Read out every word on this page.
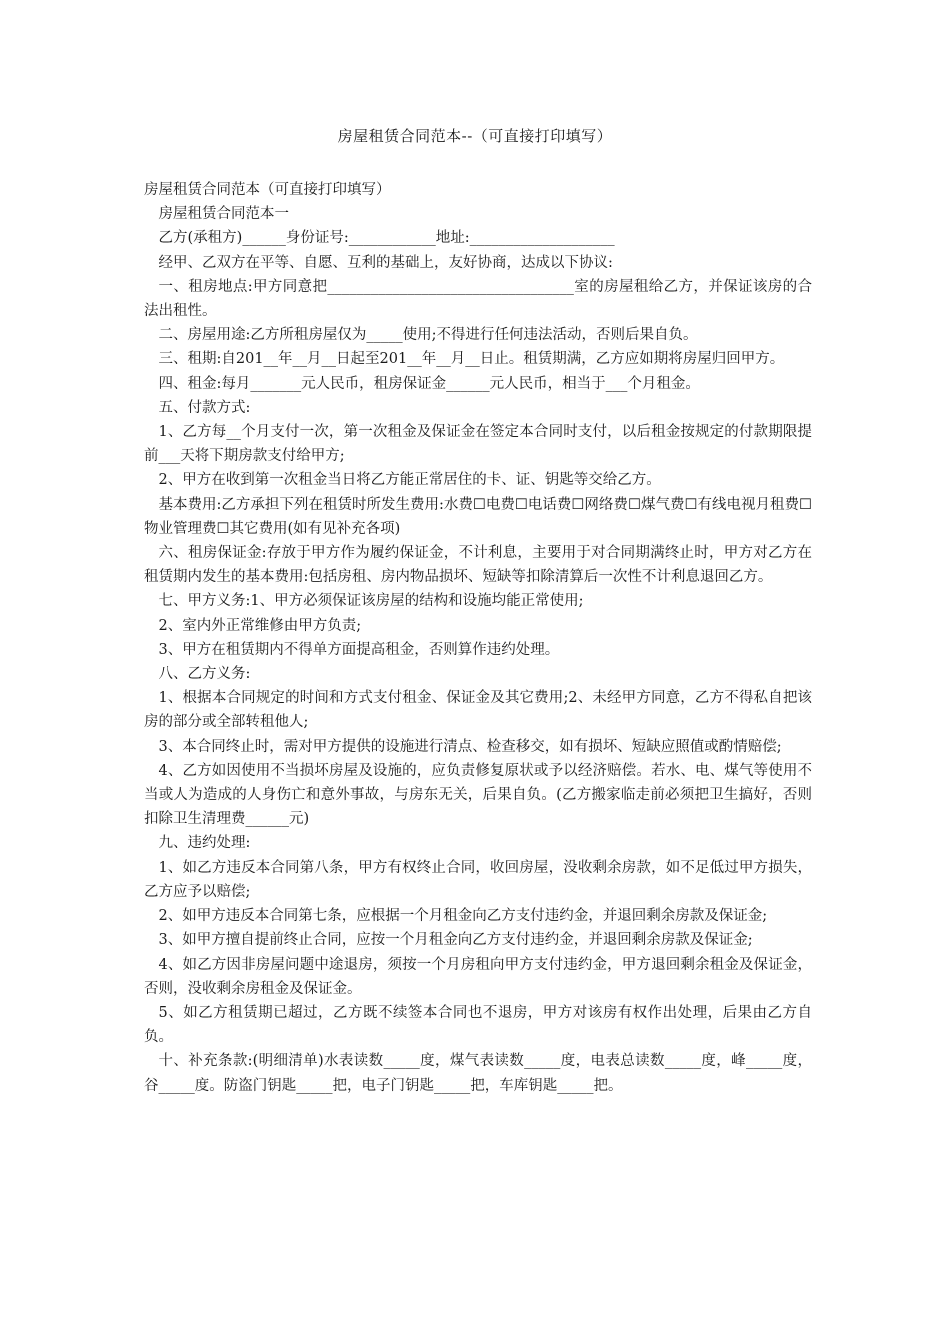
房屋租赁合同范本--（可直接打印填写）

房屋租赁合同范本（可直接打印填写）

房屋租赁合同范本一

乙方(承租方)______身份证号:____________地址:____________________

经甲、乙双方在平等、自愿、互利的基础上，友好协商，达成以下协议:

一、租房地点:甲方同意把__________________________________室的房屋租给乙方，并保证该房的合法出租性。

二、房屋用途:乙方所租房屋仅为_____使用;不得进行任何违法活动，否则后果自负。

三、租期:自201__年__月__日起至201__年__月__日止。租赁期满，乙方应如期将房屋归回甲方。

四、租金:每月_______元人民币，租房保证金______元人民币，相当于___个月租金。

五、付款方式:

1、乙方每__个月支付一次，第一次租金及保证金在签定本合同时支付，以后租金按规定的付款期限提前___天将下期房款支付给甲方;

2、甲方在收到第一次租金当日将乙方能正常居住的卡、证、钥匙等交给乙方。

基本费用:乙方承担下列在租赁时所发生费用:水费☐电费☐电话费☐网络费☐煤气费☐有线电视月租费☐物业管理费☐其它费用(如有见补充各项)

六、租房保证金:存放于甲方作为履约保证金，不计利息，主要用于对合同期满终止时，甲方对乙方在租赁期内发生的基本费用:包括房租、房内物品损坏、短缺等扣除清算后一次性不计利息退回乙方。

七、甲方义务:1、甲方必须保证该房屋的结构和设施均能正常使用;

2、室内外正常维修由甲方负责;

3、甲方在租赁期内不得单方面提高租金，否则算作违约处理。

八、乙方义务:

1、根据本合同规定的时间和方式支付租金、保证金及其它费用;2、未经甲方同意，乙方不得私自把该房的部分或全部转租他人;

3、本合同终止时，需对甲方提供的设施进行清点、检查移交，如有损坏、短缺应照值或酌情赔偿;

4、乙方如因使用不当损坏房屋及设施的，应负责修复原状或予以经济赔偿。若水、电、煤气等使用不当或人为造成的人身伤亡和意外事故，与房东无关，后果自负。(乙方搬家临走前必须把卫生搞好，否则扣除卫生清理费______元)

九、违约处理:

1、如乙方违反本合同第八条，甲方有权终止合同，收回房屋，没收剩余房款，如不足低过甲方损失，乙方应予以赔偿;

2、如甲方违反本合同第七条，应根据一个月租金向乙方支付违约金，并退回剩余房款及保证金;

3、如甲方擅自提前终止合同，应按一个月租金向乙方支付违约金，并退回剩余房款及保证金;

4、如乙方因非房屋问题中途退房，须按一个月房租向甲方支付违约金，甲方退回剩余租金及保证金，否则，没收剩余房租金及保证金。

5、如乙方租赁期已超过，乙方既不续签本合同也不退房，甲方对该房有权作出处理，后果由乙方自负。

十、补充条款:(明细清单)水表读数_____度，煤气表读数_____度，电表总读数_____度，峰_____度，谷_____度。防盗门钥匙_____把，电子门钥匙_____把，车库钥匙_____把。
